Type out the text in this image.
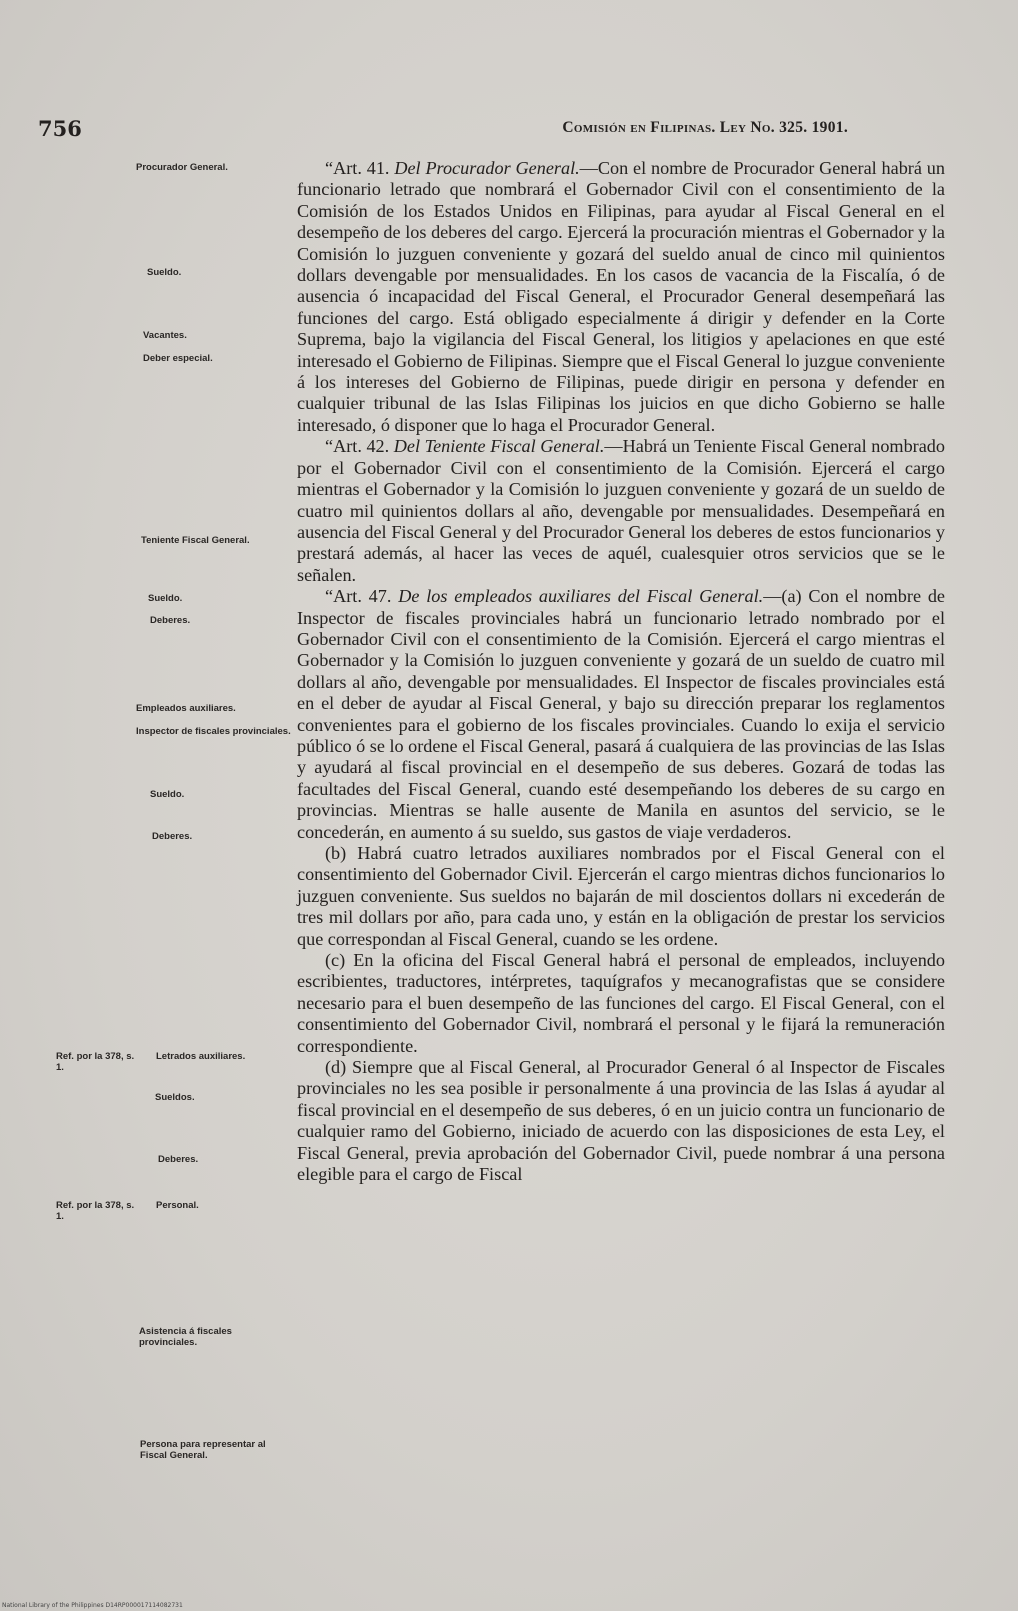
756	Comisión en Filipinas. Ley No. 325. 1901.
Procurador General.
Sueldo.
Vacantes.
Deber especial.
Teniente Fiscal General.
Sueldo.
Deberes.
Empleados auxiliares.
Inspector de fiscales provinciales.
Sueldo.
Deberes.
Ref. por la 378, s. 1.
Letrados auxiliares.
Sueldos.
Deberes.
Ref. por la 378, s. 1.
Personal.
Asistencia á fiscales provinciales.
Persona para representar al Fiscal General.

“Art. 41. Del Procurador General.—Con el nombre de Procurador General habrá un funcionario letrado que nombrará el Gobernador Civil con el consentimiento de la Comisión de los Estados Unidos en Filipinas, para ayudar al Fiscal General en el desempeño de los deberes del cargo. Ejercerá la procuración mientras el Gobernador y la Comisión lo juzguen conveniente y gozará del sueldo anual de cinco mil quinientos dollars devengable por mensualidades. En los casos de vacancia de la Fiscalía, ó de ausencia ó incapacidad del Fiscal General, el Procurador General desempeñará las funciones del cargo. Está obligado especialmente á dirigir y defender en la Corte Suprema, bajo la vigilancia del Fiscal General, los litigios y apelaciones en que esté interesado el Gobierno de Filipinas. Siempre que el Fiscal General lo juzgue conveniente á los intereses del Gobierno de Filipinas, puede dirigir en persona y defender en cualquier tribunal de las Islas Filipinas los juicios en que dicho Gobierno se halle interesado, ó disponer que lo haga el Procurador General.

“Art. 42. Del Teniente Fiscal General.—Habrá un Teniente Fiscal General nombrado por el Gobernador Civil con el consentimiento de la Comisión. Ejercerá el cargo mientras el Gobernador y la Comisión lo juzguen conveniente y gozará de un sueldo de cuatro mil quinientos dollars al año, devengable por mensualidades. Desempeñará en ausencia del Fiscal General y del Procurador General los deberes de estos funcionarios y prestará además, al hacer las veces de aquél, cualesquier otros servicios que se le señalen.

“Art. 47. De los empleados auxiliares del Fiscal General.—(a) Con el nombre de Inspector de fiscales provinciales habrá un funcionario letrado nombrado por el Gobernador Civil con el consentimiento de la Comisión. Ejercerá el cargo mientras el Gobernador y la Comisión lo juzguen conveniente y gozará de un sueldo de cuatro mil dollars al año, devengable por mensualidades. El Inspector de fiscales provinciales está en el deber de ayudar al Fiscal General, y bajo su dirección preparar los reglamentos convenientes para el gobierno de los fiscales provinciales. Cuando lo exija el servicio público ó se lo ordene el Fiscal General, pasará á cualquiera de las provincias de las Islas y ayudará al fiscal provincial en el desempeño de sus deberes. Gozará de todas las facultades del Fiscal General, cuando esté desempeñando los deberes de su cargo en provincias. Mientras se halle ausente de Manila en asuntos del servicio, se le concederán, en aumento á su sueldo, sus gastos de viaje verdaderos.

(b) Habrá cuatro letrados auxiliares nombrados por el Fiscal General con el consentimiento del Gobernador Civil. Ejercerán el cargo mientras dichos funcionarios lo juzguen conveniente. Sus sueldos no bajarán de mil doscientos dollars ni excederán de tres mil dollars por año, para cada uno, y están en la obligación de prestar los servicios que correspondan al Fiscal General, cuando se les ordene.

(c) En la oficina del Fiscal General habrá el personal de empleados, incluyendo escribientes, traductores, intérpretes, taquígrafos y mecanografistas que se considere necesario para el buen desempeño de las funciones del cargo. El Fiscal General, con el consentimiento del Gobernador Civil, nombrará el personal y le fijará la remuneración correspondiente.

(d) Siempre que al Fiscal General, al Procurador General ó al Inspector de Fiscales provinciales no les sea posible ir personalmente á una provincia de las Islas á ayudar al fiscal provincial en el desempeño de sus deberes, ó en un juicio contra un funcionario de cualquier ramo del Gobierno, iniciado de acuerdo con las disposiciones de esta Ley, el Fiscal General, previa aprobación del Gobernador Civil, puede nombrar á una persona elegible para el cargo de Fiscal

National Library of the Philippines D14RP000017114082731
